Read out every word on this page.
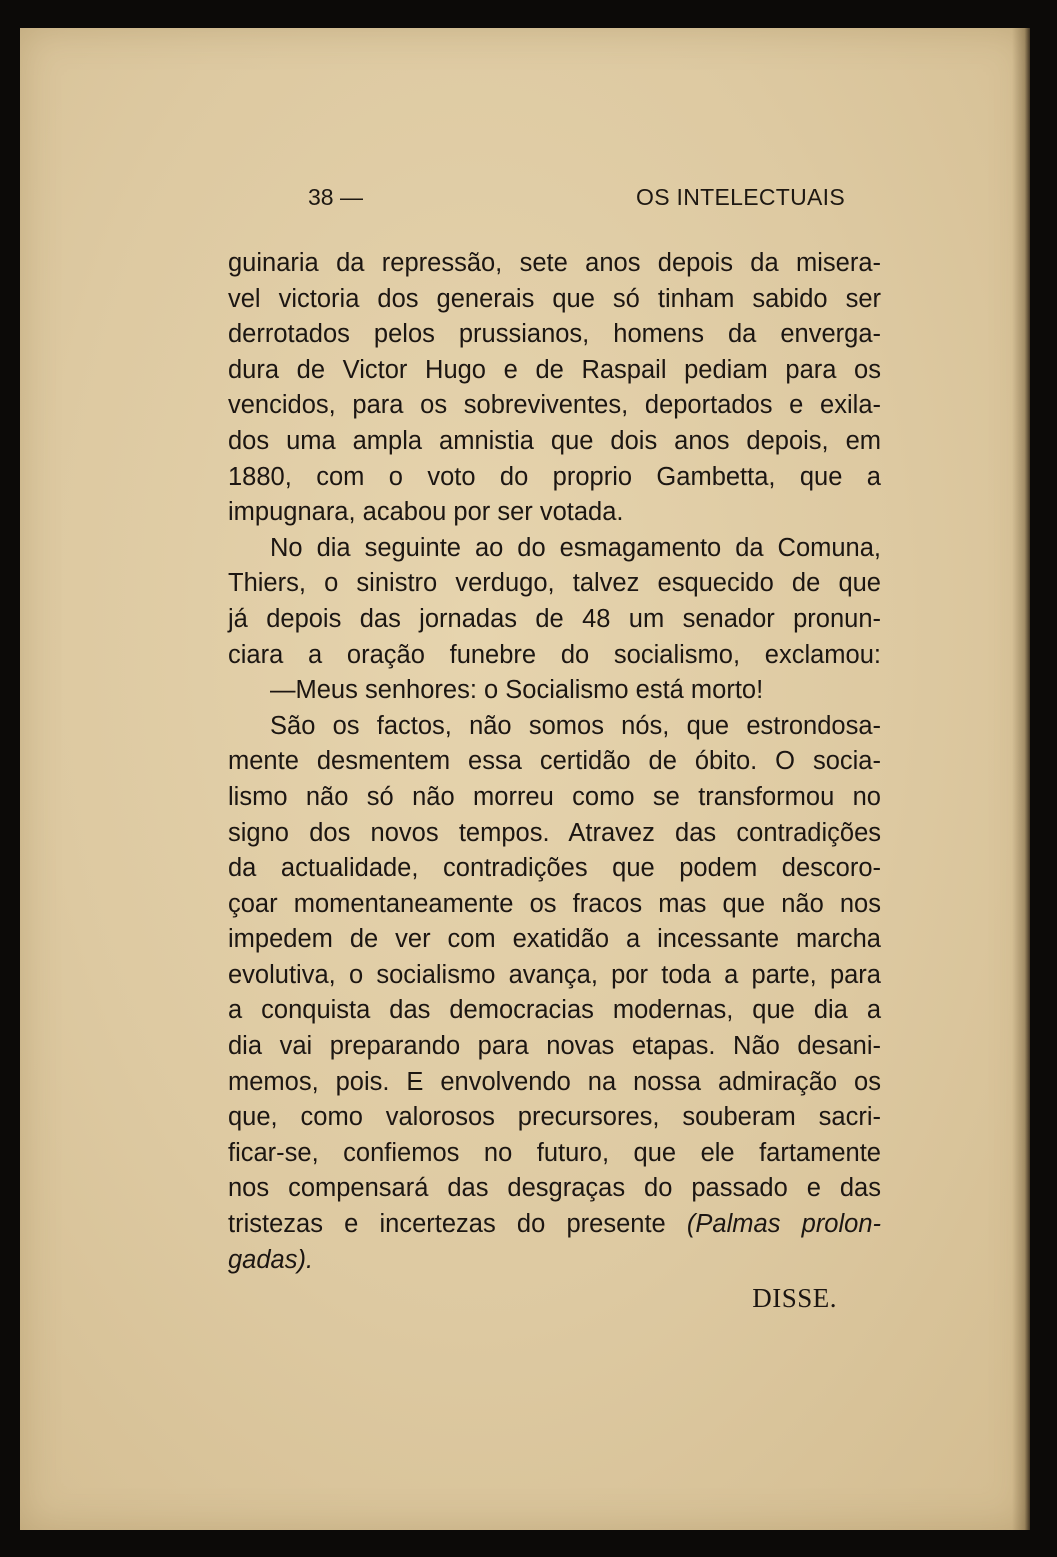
38 —	OS INTELECTUAIS
guinaria da repressão, sete anos depois da misera-
vel victoria dos generais que só tinham sabido ser
derrotados pelos prussianos, homens da enverga-
dura de Victor Hugo e de Raspail pediam para os
vencidos, para os sobreviventes, deportados e exila-
dos uma ampla amnistia que dois anos depois, em
1880, com o voto do proprio Gambetta, que a
impugnara, acabou por ser votada.
No dia seguinte ao do esmagamento da Comuna,
Thiers, o sinistro verdugo, talvez esquecido de que
já depois das jornadas de 48 um senador pronun-
ciara a oração funebre do socialismo, exclamou:
—Meus senhores: o Socialismo está morto!
São os factos, não somos nós, que estrondosa-
mente desmentem essa certidão de óbito. O socia-
lismo não só não morreu como se transformou no
signo dos novos tempos. Atravez das contradições
da actualidade, contradições que podem descoro-
çoar momentaneamente os fracos mas que não nos
impedem de ver com exatidão a incessante marcha
evolutiva, o socialismo avança, por toda a parte, para
a conquista das democracias modernas, que dia a
dia vai preparando para novas etapas. Não desani-
memos, pois. E envolvendo na nossa admiração os
que, como valorosos precursores, souberam sacri-
ficar-se, confiemos no futuro, que ele fartamente
nos compensará das desgraças do passado e das
tristezas e incertezas do presente (Palmas prolon-
gadas).
DISSE.
